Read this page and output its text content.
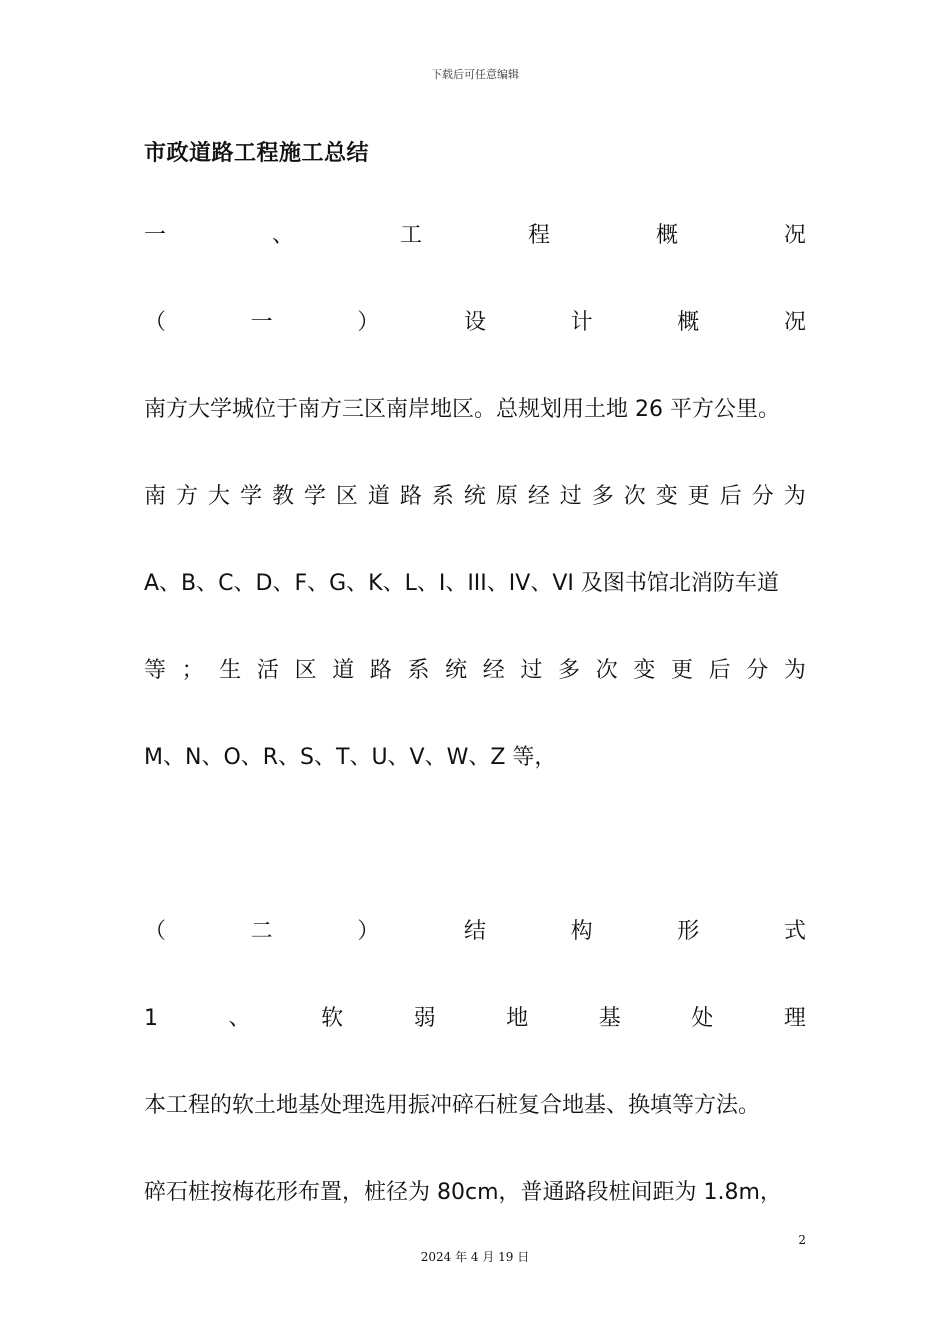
下载后可任意编辑
市政道路工程施工总结
一	、	工	程	概	况
（	一	）	设	计	概	况
南方大学城位于南方三区南岸地区。总规划用土地 26 平方公里。
南 方 大 学 教 学 区 道 路 系 统 原 经 过 多 次 变 更 后 分 为
A、B、C、D、F、G、K、L、I、III、IV、VI 及图书馆北消防车道
等 ； 生 活 区 道 路 系 统 经 过 多 次 变 更 后 分 为
M、N、O、R、S、T、U、V、W、Z 等，
（	二	）	结	构	形	式
1	、	软	弱	地	基	处	理
本工程的软土地基处理选用振冲碎石桩复合地基、换填等方法。
碎石桩按梅花形布置，桩径为 80cm，普通路段桩间距为 1.8m，
2
2024 年 4 月 19 日
